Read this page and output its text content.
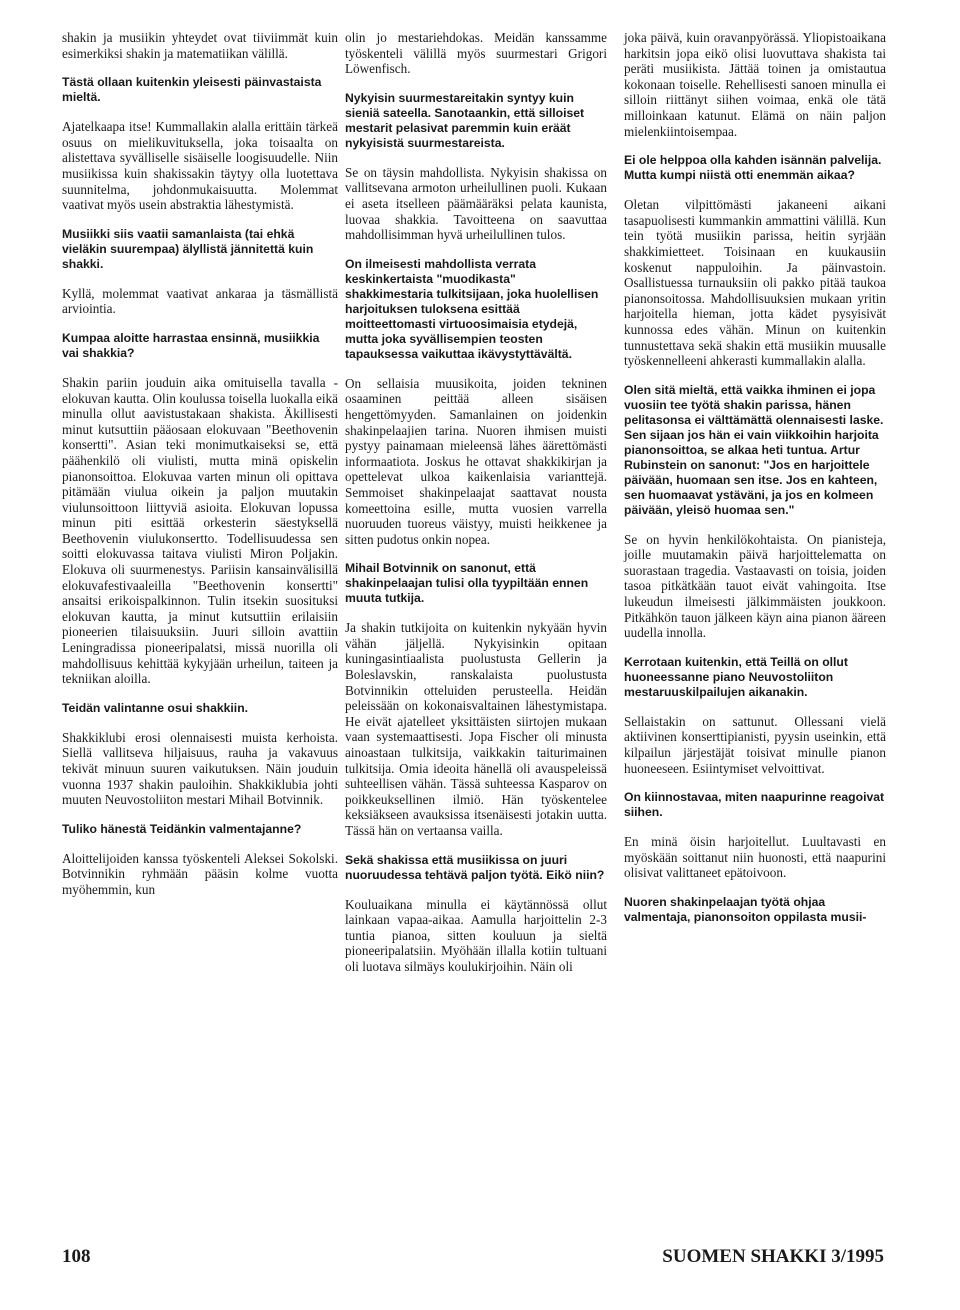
shakin ja musiikin yhteydet ovat tiiviimmät kuin esimerkiksi shakin ja matematiikan välillä.

Tästä ollaan kuitenkin yleisesti päinvastaista mieltä.

Ajatelkaapa itse! Kummallakin alalla erittäin tärkeä osuus on mielikuvituksella, joka toisaalta on alistettava syvälliselle sisäiselle loogisuudelle. Niin musiikissa kuin shakissakin täytyy olla luotettava suunnitelma, johdonmukaisuutta. Molemmat vaativat myös usein abstraktia lähestymistä.

Musiikki siis vaatii samanlaista (tai ehkä vieläkin suurempaa) älyllistä jännitettä kuin shakki.

Kyllä, molemmat vaativat ankaraa ja täsmällistä arviointia.

Kumpaa aloitte harrastaa ensinnä, musiikkia vai shakkia?

Shakin pariin jouduin aika omituisella tavalla - elokuvan kautta. Olin koulussa toisella luokalla eikä minulla ollut aavistustakaan shakista. Äkillisesti minut kutsuttiin pääosaan elokuvaan "Beethovenin konsertti". Asian teki monimutkaiseksi se, että päähenkilö oli viulisti, mutta minä opiskelin pianonsoittoa. Elokuvaa varten minun oli opittava pitämään viulua oikein ja paljon muutakin viulunsoittoon liittyviä asioita. Elokuvan lopussa minun piti esittää orkesterin säestyksellä Beethovenin viulukonsertto. Todellisuudessa sen soitti elokuvassa taitava viulisti Miron Poljakin. Elokuva oli suurmenestys. Pariisin kansainvälisillä elokuvafestivaaleilla "Beethovenin konsertti" ansaitsi erikoispalkinnon. Tulin itsekin suosituksi elokuvan kautta, ja minut kutsuttiin erilaisiin pioneerien tilaisuuksiin. Juuri silloin avattiin Leningradissa pioneeripalatsi, missä nuorilla oli mahdollisuus kehittää kykyjään urheilun, taiteen ja tekniikan aloilla.

Teidän valintanne osui shakkiin.

Shakkiklubi erosi olennaisesti muista kerhoista. Siellä vallitseva hiljaisuus, rauha ja vakavuus tekivät minuun suuren vaikutuksen. Näin jouduin vuonna 1937 shakin pauloihin. Shakkiklubia johti muuten Neuvostoliiton mestari Mihail Botvinnik.

Tuliko hänestä Teidänkin valmentajanne?

Aloittelijoiden kanssa työskenteli Aleksei Sokolski. Botvinnikin ryhmään pääsin kolme vuotta myöhemmin, kun

olin jo mestariehdokas. Meidän kanssamme työskenteli välillä myös suurmestari Grigori Löwenfisch.

Nykyisin suurmestareitakin syntyy kuin sieniä sateella. Sanotaankin, että silloiset mestarit pelasivat paremmin kuin eräät nykyisistä suurmestareista.

Se on täysin mahdollista. Nykyisin shakissa on vallitsevana armoton urheilullinen puoli. Kukaan ei aseta itselleen päämääräksi pelata kaunista, luovaa shakkia. Tavoitteena on saavuttaa mahdollisimman hyvä urheilullinen tulos.

On ilmeisesti mahdollista verrata keskinkertaista "muodikasta" shakkimestaria tulkitsijaan, joka huolellisen harjoituksen tuloksena esittää moitteettomasti virtuoosimaisia etydejä, mutta joka syvällisempien teosten tapauksessa vaikuttaa ikävystyttävältä.

On sellaisia muusikoita, joiden tekninen osaaminen peittää alleen sisäisen hengettömyyden. Samanlainen on joidenkin shakinpelaajien tarina. Nuoren ihmisen muisti pystyy painamaan mieleensä lähes äärettömästi informaatiota. Joskus he ottavat shakkikirjan ja opettelevat ulkoa kaikenlaisia varianttejä. Semmoiset shakinpelaajat saattavat nousta komeettoina esille, mutta vuosien varrella nuoruuden tuoreus väistyy, muisti heikkenee ja sitten pudotus onkin nopea.

Mihail Botvinnik on sanonut, että shakinpelaajan tulisi olla tyypiltään ennen muuta tutkija.

Ja shakin tutkijoita on kuitenkin nykyään hyvin vähän jäljellä. Nykyisinkin opitaan kuningasintiaalista puolustusta Gellerin ja Boleslavskin, ranskalaista puolustusta Botvinnikin otteluiden perusteella. Heidän peleissään on kokonaisvaltainen lähestymistapa. He eivät ajatelleet yksittäisten siirtojen mukaan vaan systemaattisesti. Jopa Fischer oli minusta ainoastaan tulkitsija, vaikkakin taiturimainen tulkitsija. Omia ideoita hänellä oli avauspeleissä suhteellisen vähän. Tässä suhteessa Kasparov on poikkeuksellinen ilmiö. Hän työskentelee keksiäkseen avauksissa itsenäisesti jotakin uutta. Tässä hän on vertaansa vailla.

Sekä shakissa että musiikissa on juuri nuoruudessa tehtävä paljon työtä. Eikö niin?

Kouluaikana minulla ei käytännössä ollut lainkaan vapaa-aikaa. Aamulla harjoittelin 2-3 tuntia pianoa, sitten kouluun ja sieltä pioneeripalatsiin. Myöhään illalla kotiin tultuani oli luotava silmäys koulukirjoihin. Näin oli

joka päivä, kuin oravanpyörässä. Yliopistoaikana harkitsin jopa eikö olisi luovuttava shakista tai peräti musiikista. Jättää toinen ja omistautua kokonaan toiselle. Rehellisesti sanoen minulla ei silloin riittänyt siihen voimaa, enkä ole tätä milloinkaan katunut. Elämä on näin paljon mielenkiintoisempaa.

Ei ole helppoa olla kahden isännän palvelija. Mutta kumpi niistä otti enemmän aikaa?

Oletan vilpittömästi jakaneeni aikani tasapuolisesti kummankin ammattini välillä. Kun tein työtä musiikin parissa, heitin syrjään shakkimietteet. Toisinaan en kuukausiin koskenut nappuloihin. Ja päinvastoin. Osallistuessa turnauksiin oli pakko pitää taukoa pianonsoitossa. Mahdollisuuksien mukaan yritin harjoitella hieman, jotta kädet pysyisivät kunnossa edes vähän. Minun on kuitenkin tunnustettava sekä shakin että musiikin muusalle työskennelleeni ahkerasti kummallakin alalla.

Olen sitä mieltä, että vaikka ihminen ei jopa vuosiin tee työtä shakin parissa, hänen pelitasonsa ei välttämättä olennaisesti laske. Sen sijaan jos hän ei vain viikkoihin harjoita pianonsoittoa, se alkaa heti tuntua. Artur Rubinstein on sanonut: "Jos en harjoittele päivään, huomaan sen itse. Jos en kahteen, sen huomaavat ystäväni, ja jos en kolmeen päivään, yleisö huomaa sen."

Se on hyvin henkilökohtaista. On pianisteja, joille muutamakin päivä harjoittelematta on suorastaan tragedia. Vastaavasti on toisia, joiden tasoa pitkätkään tauot eivät vahingoita. Itse lukeudun ilmeisesti jälkimmäisten joukkoon. Pitkähkön tauon jälkeen käyn aina pianon ääreen uudella innolla.

Kerrotaan kuitenkin, että Teillä on ollut huoneessanne piano Neuvostoliiton mestaruuskilpailujen aikanakin.

Sellaistakin on sattunut. Ollessani vielä aktiivinen konserttipianisti, pyysin useinkin, että kilpailun järjestäjät toisivat minulle pianon huoneeseen. Esiintymiset velvoittivat.

On kiinnostavaa, miten naapurinne reagoivat siihen.

En minä öisin harjoitellut. Luultavasti en myöskään soittanut niin huonosti, että naapurini olisivat valittaneet epätoivoon.

Nuoren shakinpelaajan työtä ohjaa valmentaja, pianonsoiton oppilasta musii-

108	SUOMEN SHAKKI 3/1995
